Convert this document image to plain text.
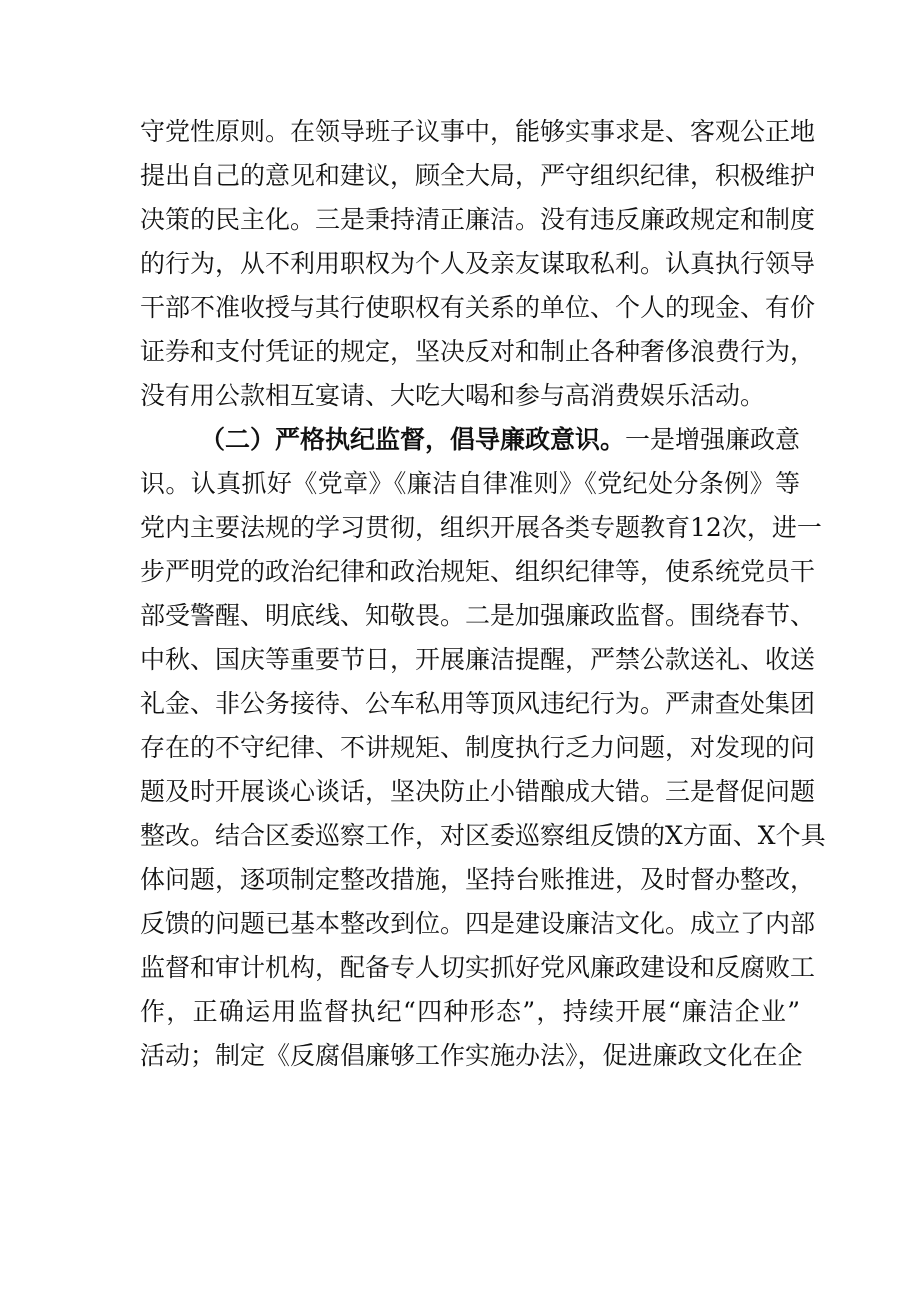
守党性原则。在领导班子议事中，能够实事求是、客观公正地
提出自己的意见和建议，顾全大局，严守组织纪律，积极维护
决策的民主化。三是秉持清正廉洁。没有违反廉政规定和制度
的行为，从不利用职权为个人及亲友谋取私利。认真执行领导
干部不准收授与其行使职权有关系的单位、个人的现金、有价
证券和支付凭证的规定，坚决反对和制止各种奢侈浪费行为，
没有用公款相互宴请、大吃大喝和参与高消费娱乐活动。
（二）严格执纪监督，倡导廉政意识。一是增强廉政意
识。认真抓好《党章》《廉洁自律准则》《党纪处分条例》等
党内主要法规的学习贯彻，组织开展各类专题教育12次，进一
步严明党的政治纪律和政治规矩、组织纪律等，使系统党员干
部受警醒、明底线、知敬畏。二是加强廉政监督。围绕春节、
中秋、国庆等重要节日，开展廉洁提醒，严禁公款送礼、收送
礼金、非公务接待、公车私用等顶风违纪行为。严肃查处集团
存在的不守纪律、不讲规矩、制度执行乏力问题，对发现的问
题及时开展谈心谈话，坚决防止小错酿成大错。三是督促问题
整改。结合区委巡察工作，对区委巡察组反馈的X方面、X个具
体问题，逐项制定整改措施，坚持台账推进，及时督办整改，
反馈的问题已基本整改到位。四是建设廉洁文化。成立了内部
监督和审计机构，配备专人切实抓好党风廉政建设和反腐败工
作，正确运用监督执纪“四种形态”，持续开展“廉洁企业”
活动；制定《反腐倡廉够工作实施办法》，促进廉政文化在企
